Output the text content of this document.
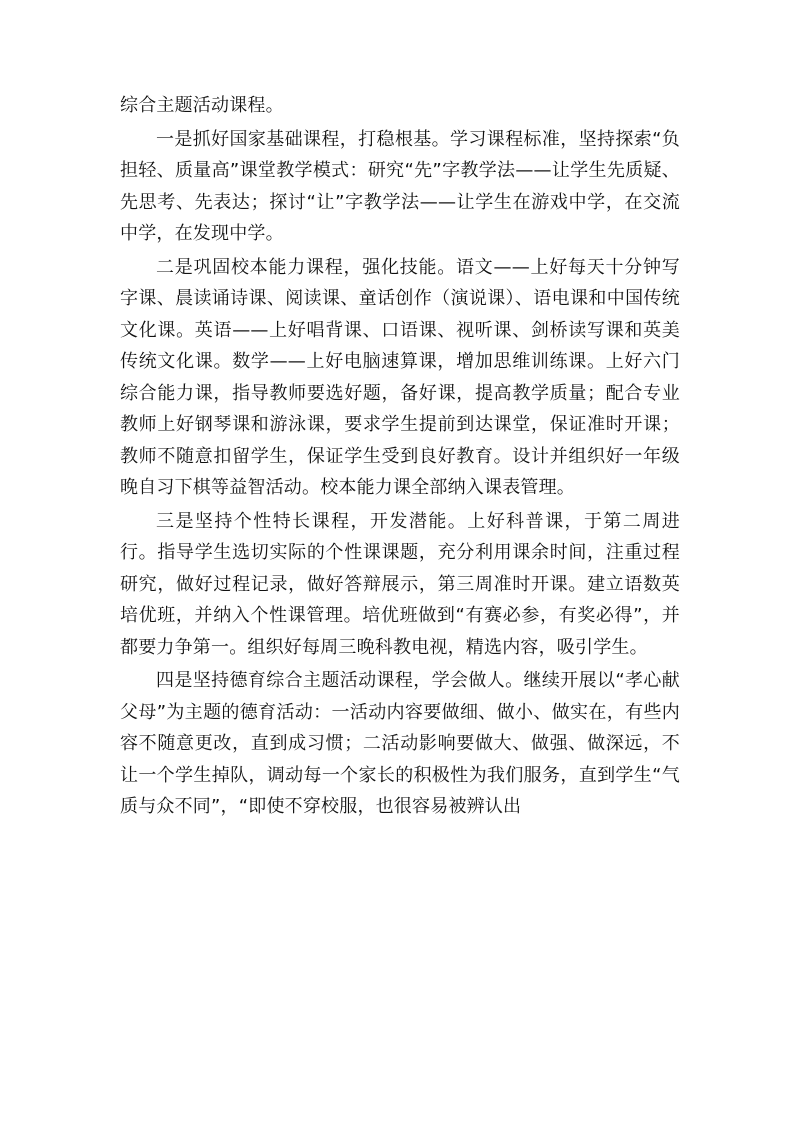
综合主题活动课程。

一是抓好国家基础课程，打稳根基。学习课程标准，坚持探索“负担轻、质量高”课堂教学模式：研究“先”字教学法——让学生先质疑、先思考、先表达；探讨“让”字教学法——让学生在游戏中学，在交流中学，在发现中学。

二是巩固校本能力课程，强化技能。语文——上好每天十分钟写字课、晨读诵诗课、阅读课、童话创作（演说课）、语电课和中国传统文化课。英语——上好唱背课、口语课、视听课、剑桥读写课和英美传统文化课。数学——上好电脑速算课，增加思维训练课。上好六门综合能力课，指导教师要选好题，备好课，提高教学质量；配合专业教师上好钢琴课和游泳课，要求学生提前到达课堂，保证准时开课；教师不随意扣留学生，保证学生受到良好教育。设计并组织好一年级晚自习下棋等益智活动。校本能力课全部纳入课表管理。

三是坚持个性特长课程，开发潜能。上好科普课，于第二周进行。指导学生选切实际的个性课课题，充分利用课余时间，注重过程研究，做好过程记录，做好答辩展示，第三周准时开课。建立语数英培优班，并纳入个性课管理。培优班做到“有赛必参，有奖必得”，并都要力争第一。组织好每周三晚科教电视，精选内容，吸引学生。

四是坚持德育综合主题活动课程，学会做人。继续开展以“孝心献父母”为主题的德育活动：一活动内容要做细、做小、做实在，有些内容不随意更改，直到成习惯；二活动影响要做大、做强、做深远，不让一个学生掉队，调动每一个家长的积极性为我们服务，直到学生“气质与众不同”，“即使不穿校服，也很容易被辨认出
